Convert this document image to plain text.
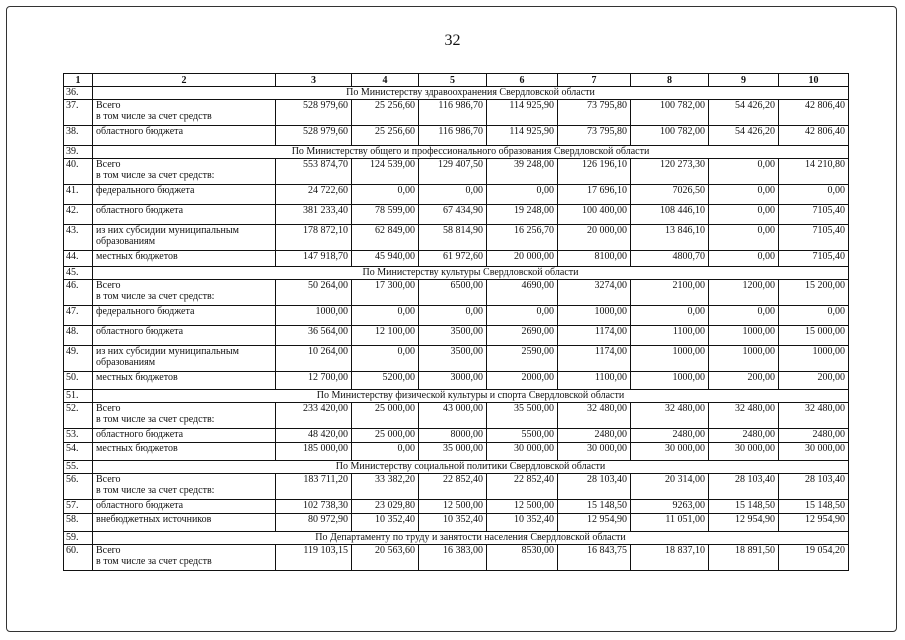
32
1	2	3	4	5	6	7	8	9	10
36.	По Министерству здравоохранения Свердловской области								
37.	Всего
в том числе за счет средств	528 979,60	25 256,60	116 986,70	114 925,90	73 795,80	100 782,00	54 426,20	42 806,40
38.	областного бюджета	528 979,60	25 256,60	116 986,70	114 925,90	73 795,80	100 782,00	54 426,20	42 806,40
39.	По Министерству общего и профессионального образования Свердловской области								
40.	Всего
в том числе за счет средств:	553 874,70	124 539,00	129 407,50	39 248,00	126 196,10	120 273,30	0,00	14 210,80
41.	федерального бюджета	24 722,60	0,00	0,00	0,00	17 696,10	7026,50	0,00	0,00
42.	областного бюджета	381 233,40	78 599,00	67 434,90	19 248,00	100 400,00	108 446,10	0,00	7105,40
43.	из них субсидии муниципальным
образованиям	178 872,10	62 849,00	58 814,90	16 256,70	20 000,00	13 846,10	0,00	7105,40
44.	местных бюджетов	147 918,70	45 940,00	61 972,60	20 000,00	8100,00	4800,70	0,00	7105,40
45.	По Министерству культуры Свердловской области								
46.	Всего
в том числе за счет средств:	50 264,00	17 300,00	6500,00	4690,00	3274,00	2100,00	1200,00	15 200,00
47.	федерального бюджета	1000,00	0,00	0,00	0,00	1000,00	0,00	0,00	0,00
48.	областного бюджета	36 564,00	12 100,00	3500,00	2690,00	1174,00	1100,00	1000,00	15 000,00
49.	из них субсидии муниципальным
образованиям	10 264,00	0,00	3500,00	2590,00	1174,00	1000,00	1000,00	1000,00
50.	местных бюджетов	12 700,00	5200,00	3000,00	2000,00	1100,00	1000,00	200,00	200,00
51.	По Министерству физической культуры и спорта Свердловской области								
52.	Всего
в том числе за счет средств:	233 420,00	25 000,00	43 000,00	35 500,00	32 480,00	32 480,00	32 480,00	32 480,00
53.	областного бюджета	48 420,00	25 000,00	8000,00	5500,00	2480,00	2480,00	2480,00	2480,00
54.	местных бюджетов	185 000,00	0,00	35 000,00	30 000,00	30 000,00	30 000,00	30 000,00	30 000,00
55.	По Министерству социальной политики Свердловской области								
56.	Всего
в том числе за счет средств:	183 711,20	33 382,20	22 852,40	22 852,40	28 103,40	20 314,00	28 103,40	28 103,40
57.	областного бюджета	102 738,30	23 029,80	12 500,00	12 500,00	15 148,50	9263,00	15 148,50	15 148,50
58.	внебюджетных источников	80 972,90	10 352,40	10 352,40	10 352,40	12 954,90	11 051,00	12 954,90	12 954,90
59.	По Департаменту по труду и занятости населения Свердловской области								
60.	Всего
в том числе за счет средств	119 103,15	20 563,60	16 383,00	8530,00	16 843,75	18 837,10	18 891,50	19 054,20
